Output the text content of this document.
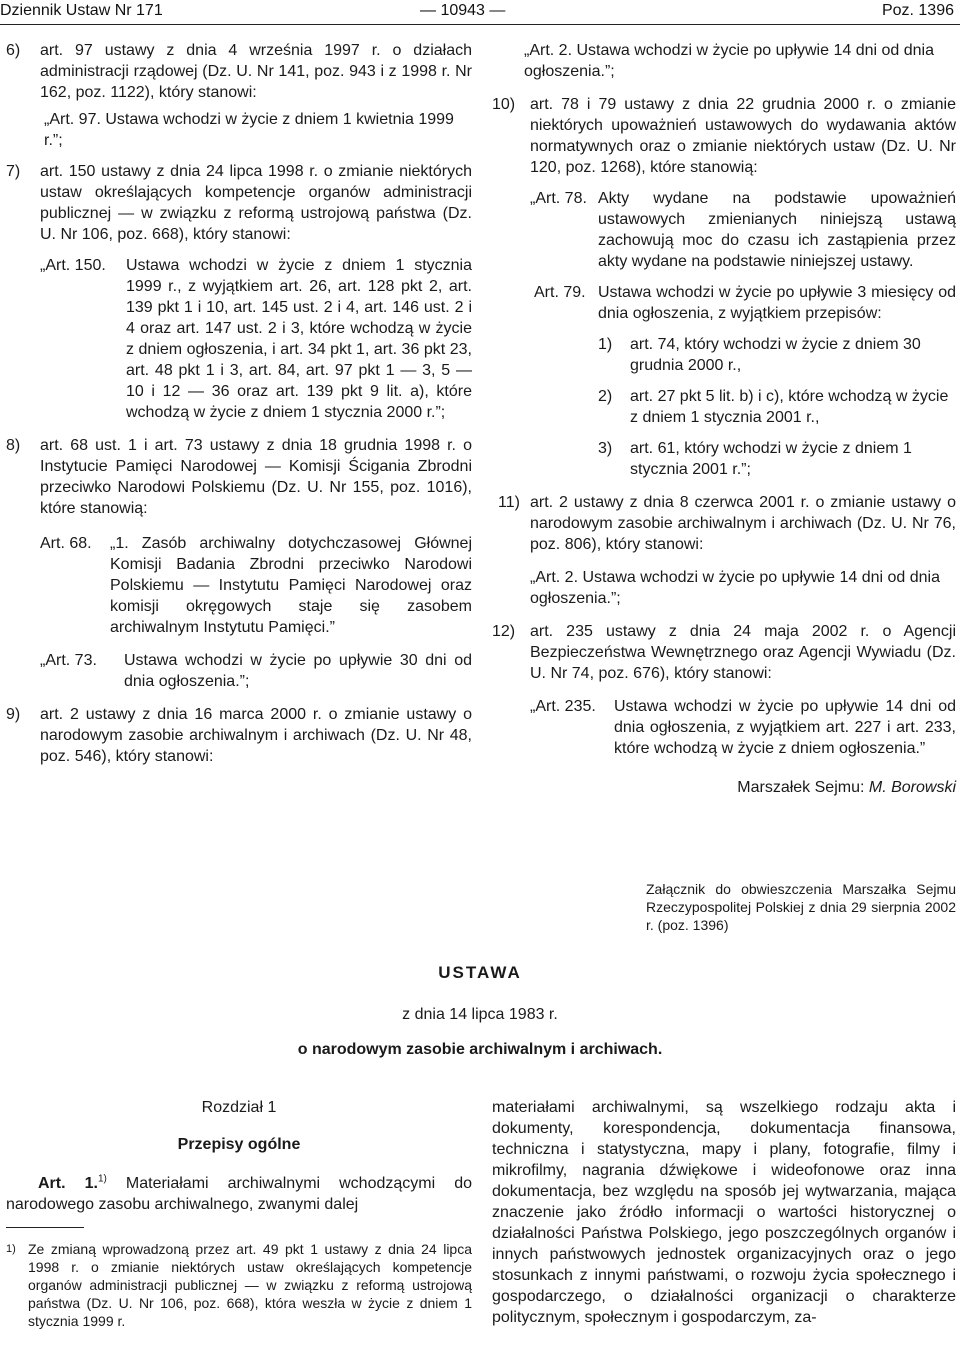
Dziennik Ustaw Nr 171	— 10943 —	Poz. 1396
6) art. 97 ustawy z dnia 4 września 1997 r. o działach administracji rządowej (Dz. U. Nr 141, poz. 943 i z 1998 r. Nr 162, poz. 1122), który stanowi:

„Art. 97. Ustawa wchodzi w życie z dniem 1 kwietnia 1999 r.”;

7) art. 150 ustawy z dnia 24 lipca 1998 r. o zmianie niektórych ustaw określających kompetencje organów administracji publicznej — w związku z reformą ustrojową państwa (Dz. U. Nr 106, poz. 668), który stanowi:

„Art. 150. Ustawa wchodzi w życie z dniem 1 stycznia 1999 r., z wyjątkiem art. 26, art. 128 pkt 2, art. 139 pkt 1 i 10, art. 145 ust. 2 i 4, art. 146 ust. 2 i 4 oraz art. 147 ust. 2 i 3, które wchodzą w życie z dniem ogłoszenia, i art. 34 pkt 1, art. 36 pkt 23, art. 48 pkt 1 i 3, art. 84, art. 97 pkt 1 — 3, 5 — 10 i 12 — 36 oraz art. 139 pkt 9 lit. a), które wchodzą w życie z dniem 1 stycznia 2000 r.”;

8) art. 68 ust. 1 i art. 73 ustawy z dnia 18 grudnia 1998 r. o Instytucie Pamięci Narodowej — Komisji Ścigania Zbrodni przeciwko Narodowi Polskiemu (Dz. U. Nr 155, poz. 1016), które stanowią:

Art. 68. „1. Zasób archiwalny dotychczasowej Głównej Komisji Badania Zbrodni przeciwko Narodowi Polskiemu — Instytutu Pamięci Narodowej oraz komisji okręgowych staje się zasobem archiwalnym Instytutu Pamięci.”

„Art. 73. Ustawa wchodzi w życie po upływie 30 dni od dnia ogłoszenia.”;

9) art. 2 ustawy z dnia 16 marca 2000 r. o zmianie ustawy o narodowym zasobie archiwalnym i archiwach (Dz. U. Nr 48, poz. 546), który stanowi:

„Art. 2. Ustawa wchodzi w życie po upływie 14 dni od dnia ogłoszenia.”;

10) art. 78 i 79 ustawy z dnia 22 grudnia 2000 r. o zmianie niektórych upoważnień ustawowych do wydawania aktów normatywnych oraz o zmianie niektórych ustaw (Dz. U. Nr 120, poz. 1268), które stanowią:

„Art. 78. Akty wydane na podstawie upoważnień ustawowych zmienianych niniejszą ustawą zachowują moc do czasu ich zastąpienia przez akty wydane na podstawie niniejszej ustawy.

Art. 79. Ustawa wchodzi w życie po upływie 3 miesięcy od dnia ogłoszenia, z wyjątkiem przepisów:

1) art. 74, który wchodzi w życie z dniem 30 grudnia 2000 r.,

2) art. 27 pkt 5 lit. b) i c), które wchodzą w życie z dniem 1 stycznia 2001 r.,

3) art. 61, który wchodzi w życie z dniem 1 stycznia 2001 r.”;

11) art. 2 ustawy z dnia 8 czerwca 2001 r. o zmianie ustawy o narodowym zasobie archiwalnym i archiwach (Dz. U. Nr 76, poz. 806), który stanowi:

„Art. 2. Ustawa wchodzi w życie po upływie 14 dni od dnia ogłoszenia.”;

12) art. 235 ustawy z dnia 24 maja 2002 r. o Agencji Bezpieczeństwa Wewnętrznego oraz Agencji Wywiadu (Dz. U. Nr 74, poz. 676), który stanowi:

„Art. 235. Ustawa wchodzi w życie po upływie 14 dni od dnia ogłoszenia, z wyjątkiem art. 227 i art. 233, które wchodzą w życie z dniem ogłoszenia.”

Marszałek Sejmu: M. Borowski

Załącznik do obwieszczenia Marszałka Sejmu Rzeczypospolitej Polskiej z dnia 29 sierpnia 2002 r. (poz. 1396)

USTAWA

z dnia 14 lipca 1983 r.

o narodowym zasobie archiwalnym i archiwach.

Rozdział 1

Przepisy ogólne

Art. 1.$^{1)}$ Materiałami archiwalnymi wchodzącymi do narodowego zasobu archiwalnego, zwanymi dalej

1) Ze zmianą wprowadzoną przez art. 49 pkt 1 ustawy z dnia 24 lipca 1998 r. o zmianie niektórych ustaw określających kompetencje organów administracji publicznej — w związku z reformą ustrojową państwa (Dz. U. Nr 106, poz. 668), która weszła w życie z dniem 1 stycznia 1999 r.

materiałami archiwalnymi, są wszelkiego rodzaju akta i dokumenty, korespondencja, dokumentacja finansowa, techniczna i statystyczna, mapy i plany, fotografie, filmy i mikrofilmy, nagrania dźwiękowe i wideofonowe oraz inna dokumentacja, bez względu na sposób jej wytwarzania, mająca znaczenie jako źródło informacji o wartości historycznej o działalności Państwa Polskiego, jego poszczególnych organów i innych państwowych jednostek organizacyjnych oraz o jego stosunkach z innymi państwami, o rozwoju życia społecznego i gospodarczego, o działalności organizacji o charakterze politycznym, społecznym i gospodarczym, za-
